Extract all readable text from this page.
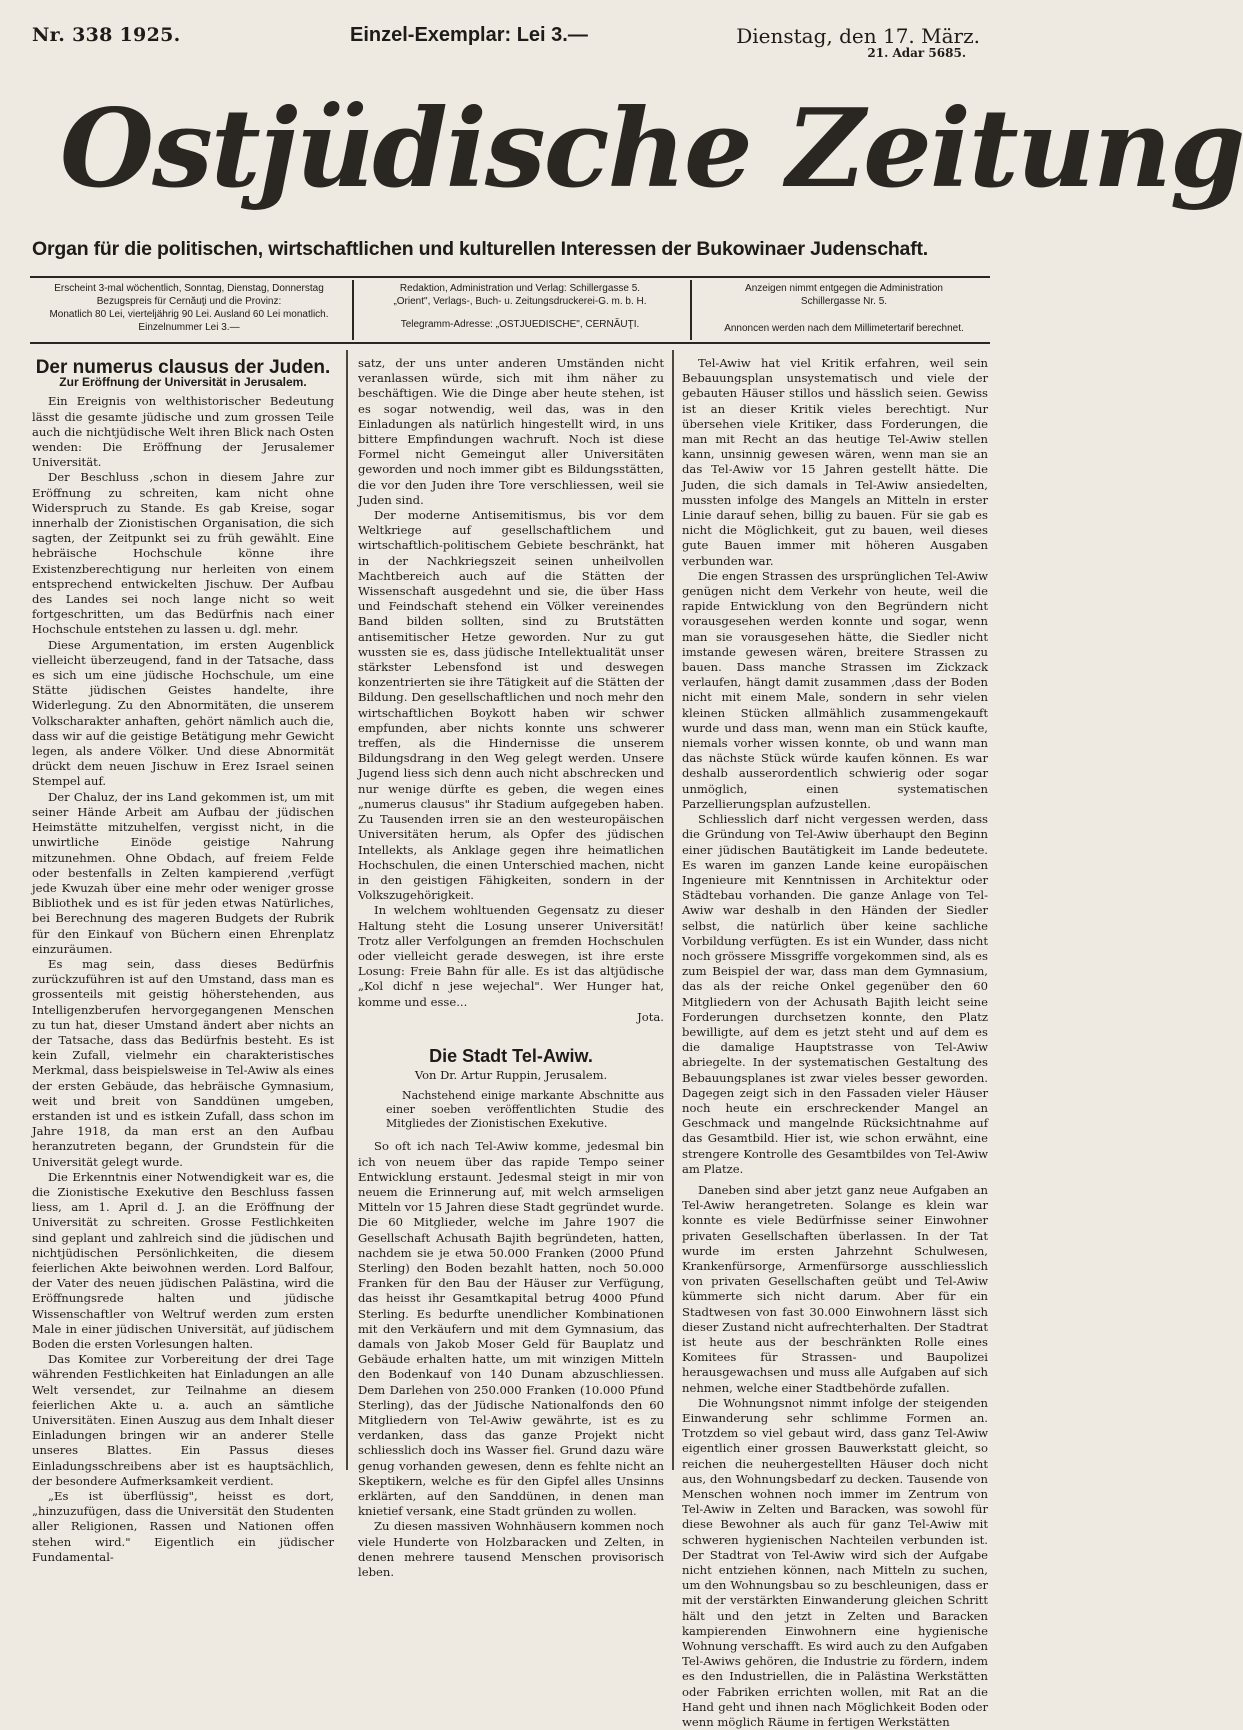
Nr. 338 1925.	Einzel-Exemplar: Lei 3.—	Dienstag, den 17. März.
21. Adar 5685.
Ostjüdische Zeitung
Organ für die politischen, wirtschaftlichen und kulturellen Interessen der Bukowinaer Judenschaft.
Erscheint 3-mal wöchentlich, Sonntag, Dienstag, Donnerstag
Bezugspreis für Cernăuţi und die Provinz:
Monatlich 80 Lei, vierteljährig 90 Lei. Ausland 60 Lei monatlich.
Einzelnummer Lei 3.—
Redaktion, Administration und Verlag: Schillergasse 5.
„Orient", Verlags-, Buch- u. Zeitungsdruckerei-G. m. b. H.
Telegramm-Adresse: „OSTJUEDISCHE", CERNĂUŢI.
Anzeigen nimmt entgegen die Administration
Schillergasse Nr. 5.
Annoncen werden nach dem Millimetertarif berechnet.
Der numerus clausus der Juden.
Zur Eröffnung der Universität in Jerusalem.

Ein Ereignis von welthistorischer Bedeutung lässt die gesamte jüdische und zum grossen Teile auch die nichtjüdische Welt ihren Blick nach Osten wenden: Die Eröffnung der Jerusalemer Universität.

Der Beschluss ,schon in diesem Jahre zur Eröffnung zu schreiten, kam nicht ohne Widerspruch zu Stande. Es gab Kreise, sogar innerhalb der Zionistischen Organisation, die sich sagten, der Zeitpunkt sei zu früh gewählt. Eine hebräische Hochschule könne ihre Existenzberechtigung nur herleiten von einem entsprechend entwickelten Jischuw. Der Aufbau des Landes sei noch lange nicht so weit fortgeschritten, um das Bedürfnis nach einer Hochschule entstehen zu lassen u. dgl. mehr.

Diese Argumentation, im ersten Augenblick vielleicht überzeugend, fand in der Tatsache, dass es sich um eine jüdische Hochschule, um eine Stätte jüdischen Geistes handelte, ihre Widerlegung. Zu den Abnormitäten, die unserem Volkscharakter anhaften, gehört nämlich auch die, dass wir auf die geistige Betätigung mehr Gewicht legen, als andere Völker. Und diese Abnormität drückt dem neuen Jischuw in Erez Israel seinen Stempel auf.

Der Chaluz, der ins Land gekommen ist, um mit seiner Hände Arbeit am Aufbau der jüdischen Heimstätte mitzuhelfen, vergisst nicht, in die unwirtliche Einöde geistige Nahrung mitzunehmen. Ohne Obdach, auf freiem Felde oder bestenfalls in Zelten kampierend ,verfügt jede Kwuzah über eine mehr oder weniger grosse Bibliothek und es ist für jeden etwas Natürliches, bei Berechnung des mageren Budgets der Rubrik für den Einkauf von Büchern einen Ehrenplatz einzuräumen.

Es mag sein, dass dieses Bedürfnis zurückzuführen ist auf den Umstand, dass man es grossenteils mit geistig höherstehenden, aus Intelligenzberufen hervorgegangenen Menschen zu tun hat, dieser Umstand ändert aber nichts an der Tatsache, dass das Bedürfnis besteht. Es ist kein Zufall, vielmehr ein charakteristisches Merkmal, dass beispielsweise in Tel-Awiw als eines der ersten Gebäude, das hebräische Gymnasium, weit und breit von Sanddünen umgeben, erstanden ist und es istkein Zufall, dass schon im Jahre 1918, da man erst an den Aufbau heranzutreten begann, der Grundstein für die Universität gelegt wurde.

Die Erkenntnis einer Notwendigkeit war es, die die Zionistische Exekutive den Beschluss fassen liess, am 1. April d. J. an die Eröffnung der Universität zu schreiten. Grosse Festlichkeiten sind geplant und zahlreich sind die jüdischen und nichtjüdischen Persönlichkeiten, die diesem feierlichen Akte beiwohnen werden. Lord Balfour, der Vater des neuen jüdischen Palästina, wird die Eröffnungsrede halten und jüdische Wissenschaftler von Weltruf werden zum ersten Male in einer jüdischen Universität, auf jüdischem Boden die ersten Vorlesungen halten.

Das Komitee zur Vorbereitung der drei Tage währenden Festlichkeiten hat Einladungen an alle Welt versendet, zur Teilnahme an diesem feierlichen Akte u. a. auch an sämtliche Universitäten. Einen Auszug aus dem Inhalt dieser Einladungen bringen wir an anderer Stelle unseres Blattes. Ein Passus dieses Einladungsschreibens aber ist es hauptsächlich, der besondere Aufmerksamkeit verdient.

„Es ist überflüssig", heisst es dort, „hinzuzufügen, dass die Universität den Studenten aller Religionen, Rassen und Nationen offen stehen wird." Eigentlich ein jüdischer Fundamental-

satz, der uns unter anderen Umständen nicht veranlassen würde, sich mit ihm näher zu beschäftigen. Wie die Dinge aber heute stehen, ist es sogar notwendig, weil das, was in den Einladungen als natürlich hingestellt wird, in uns bittere Empfindungen wachruft. Noch ist diese Formel nicht Gemeingut aller Universitäten geworden und noch immer gibt es Bildungsstätten, die vor den Juden ihre Tore verschliessen, weil sie Juden sind.

Der moderne Antisemitismus, bis vor dem Weltkriege auf gesellschaftlichem und wirtschaftlich-politischem Gebiete beschränkt, hat in der Nachkriegszeit seinen unheilvollen Machtbereich auch auf die Stätten der Wissenschaft ausgedehnt und sie, die über Hass und Feindschaft stehend ein Völker vereinendes Band bilden sollten, sind zu Brutstätten antisemitischer Hetze geworden. Nur zu gut wussten sie es, dass jüdische Intellektualität unser stärkster Lebensfond ist und deswegen konzentrierten sie ihre Tätigkeit auf die Stätten der Bildung. Den gesellschaftlichen und noch mehr den wirtschaftlichen Boykott haben wir schwer empfunden, aber nichts konnte uns schwerer treffen, als die Hindernisse die unserem Bildungsdrang in den Weg gelegt werden. Unsere Jugend liess sich denn auch nicht abschrecken und nur wenige dürfte es geben, die wegen eines „numerus clausus" ihr Stadium aufgegeben haben. Zu Tausenden irren sie an den westeuropäischen Universitäten herum, als Opfer des jüdischen Intellekts, als Anklage gegen ihre heimatlichen Hochschulen, die einen Unterschied machen, nicht in den geistigen Fähigkeiten, sondern in der Volkszugehörigkeit.

In welchem wohltuenden Gegensatz zu dieser Haltung steht die Losung unserer Universität! Trotz aller Verfolgungen an fremden Hochschulen oder vielleicht gerade deswegen, ist ihre erste Losung: Freie Bahn für alle. Es ist das altjüdische „Kol dichf n jese wejechal". Wer Hunger hat, komme und esse...

Jota.
Die Stadt Tel-Awiw.
Von Dr. Artur Ruppin, Jerusalem.

Nachstehend einige markante Abschnitte aus einer soeben veröffentlichten Studie des Mitgliedes der Zionistischen Exekutive.

So oft ich nach Tel-Awiw komme, jedesmal bin ich von neuem über das rapide Tempo seiner Entwicklung erstaunt. Jedesmal steigt in mir von neuem die Erinnerung auf, mit welch armseligen Mitteln vor 15 Jahren diese Stadt gegründet wurde. Die 60 Mitglieder, welche im Jahre 1907 die Gesellschaft Achusath Bajith begründeten, hatten, nachdem sie je etwa 50.000 Franken (2000 Pfund Sterling) den Boden bezahlt hatten, noch 50.000 Franken für den Bau der Häuser zur Verfügung, das heisst ihr Gesamtkapital betrug 4000 Pfund Sterling. Es bedurfte unendlicher Kombinationen mit den Verkäufern und mit dem Gymnasium, das damals von Jakob Moser Geld für Bauplatz und Gebäude erhalten hatte, um mit winzigen Mitteln den Bodenkauf von 140 Dunam abzuschliessen. Dem Darlehen von 250.000 Franken (10.000 Pfund Sterling), das der Jüdische Nationalfonds den 60 Mitgliedern von Tel-Awiw gewährte, ist es zu verdanken, dass das ganze Projekt nicht schliesslich doch ins Wasser fiel. Grund dazu wäre genug vorhanden gewesen, denn es fehlte nicht an Skeptikern, welche es für den Gipfel alles Unsinns erklärten, auf den Sanddünen, in denen man knietief versank, eine Stadt gründen zu wollen.

Zu diesen massiven Wohnhäusern kommen noch viele Hunderte von Holzbaracken und Zelten, in denen mehrere tausend Menschen provisorisch leben.

Tel-Awiw hat viel Kritik erfahren, weil sein Bebauungsplan unsystematisch und viele der gebauten Häuser stillos und hässlich seien. Gewiss ist an dieser Kritik vieles berechtigt. Nur übersehen viele Kritiker, dass Forderungen, die man mit Recht an das heutige Tel-Awiw stellen kann, unsinnig gewesen wären, wenn man sie an das Tel-Awiw vor 15 Jahren gestellt hätte. Die Juden, die sich damals in Tel-Awiw ansiedelten, mussten infolge des Mangels an Mitteln in erster Linie darauf sehen, billig zu bauen. Für sie gab es nicht die Möglichkeit, gut zu bauen, weil dieses gute Bauen immer mit höheren Ausgaben verbunden war.

Die engen Strassen des ursprünglichen Tel-Awiw genügen nicht dem Verkehr von heute, weil die rapide Entwicklung von den Begründern nicht vorausgesehen werden konnte und sogar, wenn man sie vorausgesehen hätte, die Siedler nicht imstande gewesen wären, breitere Strassen zu bauen. Dass manche Strassen im Zickzack verlaufen, hängt damit zusammen ,dass der Boden nicht mit einem Male, sondern in sehr vielen kleinen Stücken allmählich zusammengekauft wurde und dass man, wenn man ein Stück kaufte, niemals vorher wissen konnte, ob und wann man das nächste Stück würde kaufen können. Es war deshalb ausserordentlich schwierig oder sogar unmöglich, einen systematischen Parzellierungsplan aufzustellen.

Schliesslich darf nicht vergessen werden, dass die Gründung von Tel-Awiw überhaupt den Beginn einer jüdischen Bautätigkeit im Lande bedeutete. Es waren im ganzen Lande keine europäischen Ingenieure mit Kenntnissen in Architektur oder Städtebau vorhanden. Die ganze Anlage von Tel-Awiw war deshalb in den Händen der Siedler selbst, die natürlich über keine sachliche Vorbildung verfügten. Es ist ein Wunder, dass nicht noch grössere Missgriffe vorgekommen sind, als es zum Beispiel der war, dass man dem Gymnasium, das als der reiche Onkel gegenüber den 60 Mitgliedern von der Achusath Bajith leicht seine Forderungen durchsetzen konnte, den Platz bewilligte, auf dem es jetzt steht und auf dem es die damalige Hauptstrasse von Tel-Awiw abriegelte. In der systematischen Gestaltung des Bebauungsplanes ist zwar vieles besser geworden. Dagegen zeigt sich in den Fassaden vieler Häuser noch heute ein erschreckender Mangel an Geschmack und mangelnde Rücksichtnahme auf das Gesamtbild. Hier ist, wie schon erwähnt, eine strengere Kontrolle des Gesamtbildes von Tel-Awiw am Platze.

Daneben sind aber jetzt ganz neue Aufgaben an Tel-Awiw herangetreten. Solange es klein war konnte es viele Bedürfnisse seiner Einwohner privaten Gesellschaften überlassen. In der Tat wurde im ersten Jahrzehnt Schulwesen, Krankenfürsorge, Armenfürsorge ausschliesslich von privaten Gesellschaften geübt und Tel-Awiw kümmerte sich nicht darum. Aber für ein Stadtwesen von fast 30.000 Einwohnern lässt sich dieser Zustand nicht aufrechterhalten. Der Stadtrat ist heute aus der beschränkten Rolle eines Komitees für Strassen- und Baupolizei herausgewachsen und muss alle Aufgaben auf sich nehmen, welche einer Stadtbehörde zufallen.

Die Wohnungsnot nimmt infolge der steigenden Einwanderung sehr schlimme Formen an. Trotzdem so viel gebaut wird, dass ganz Tel-Awiw eigentlich einer grossen Bauwerkstatt gleicht, so reichen die neuhergestellten Häuser doch nicht aus, den Wohnungsbedarf zu decken. Tausende von Menschen wohnen noch immer im Zentrum von Tel-Awiw in Zelten und Baracken, was sowohl für diese Bewohner als auch für ganz Tel-Awiw mit schweren hygienischen Nachteilen verbunden ist. Der Stadtrat von Tel-Awiw wird sich der Aufgabe nicht entziehen können, nach Mitteln zu suchen, um den Wohnungsbau so zu beschleunigen, dass er mit der verstärkten Einwanderung gleichen Schritt hält und den jetzt in Zelten und Baracken kampierenden Einwohnern eine hygienische Wohnung verschafft. Es wird auch zu den Aufgaben Tel-Awiws gehören, die Industrie zu fördern, indem es den Industriellen, die in Palästina Werkstätten oder Fabriken errichten wollen, mit Rat an die Hand geht und ihnen nach Möglichkeit Boden oder wenn möglich Räume in fertigen Werkstätten
